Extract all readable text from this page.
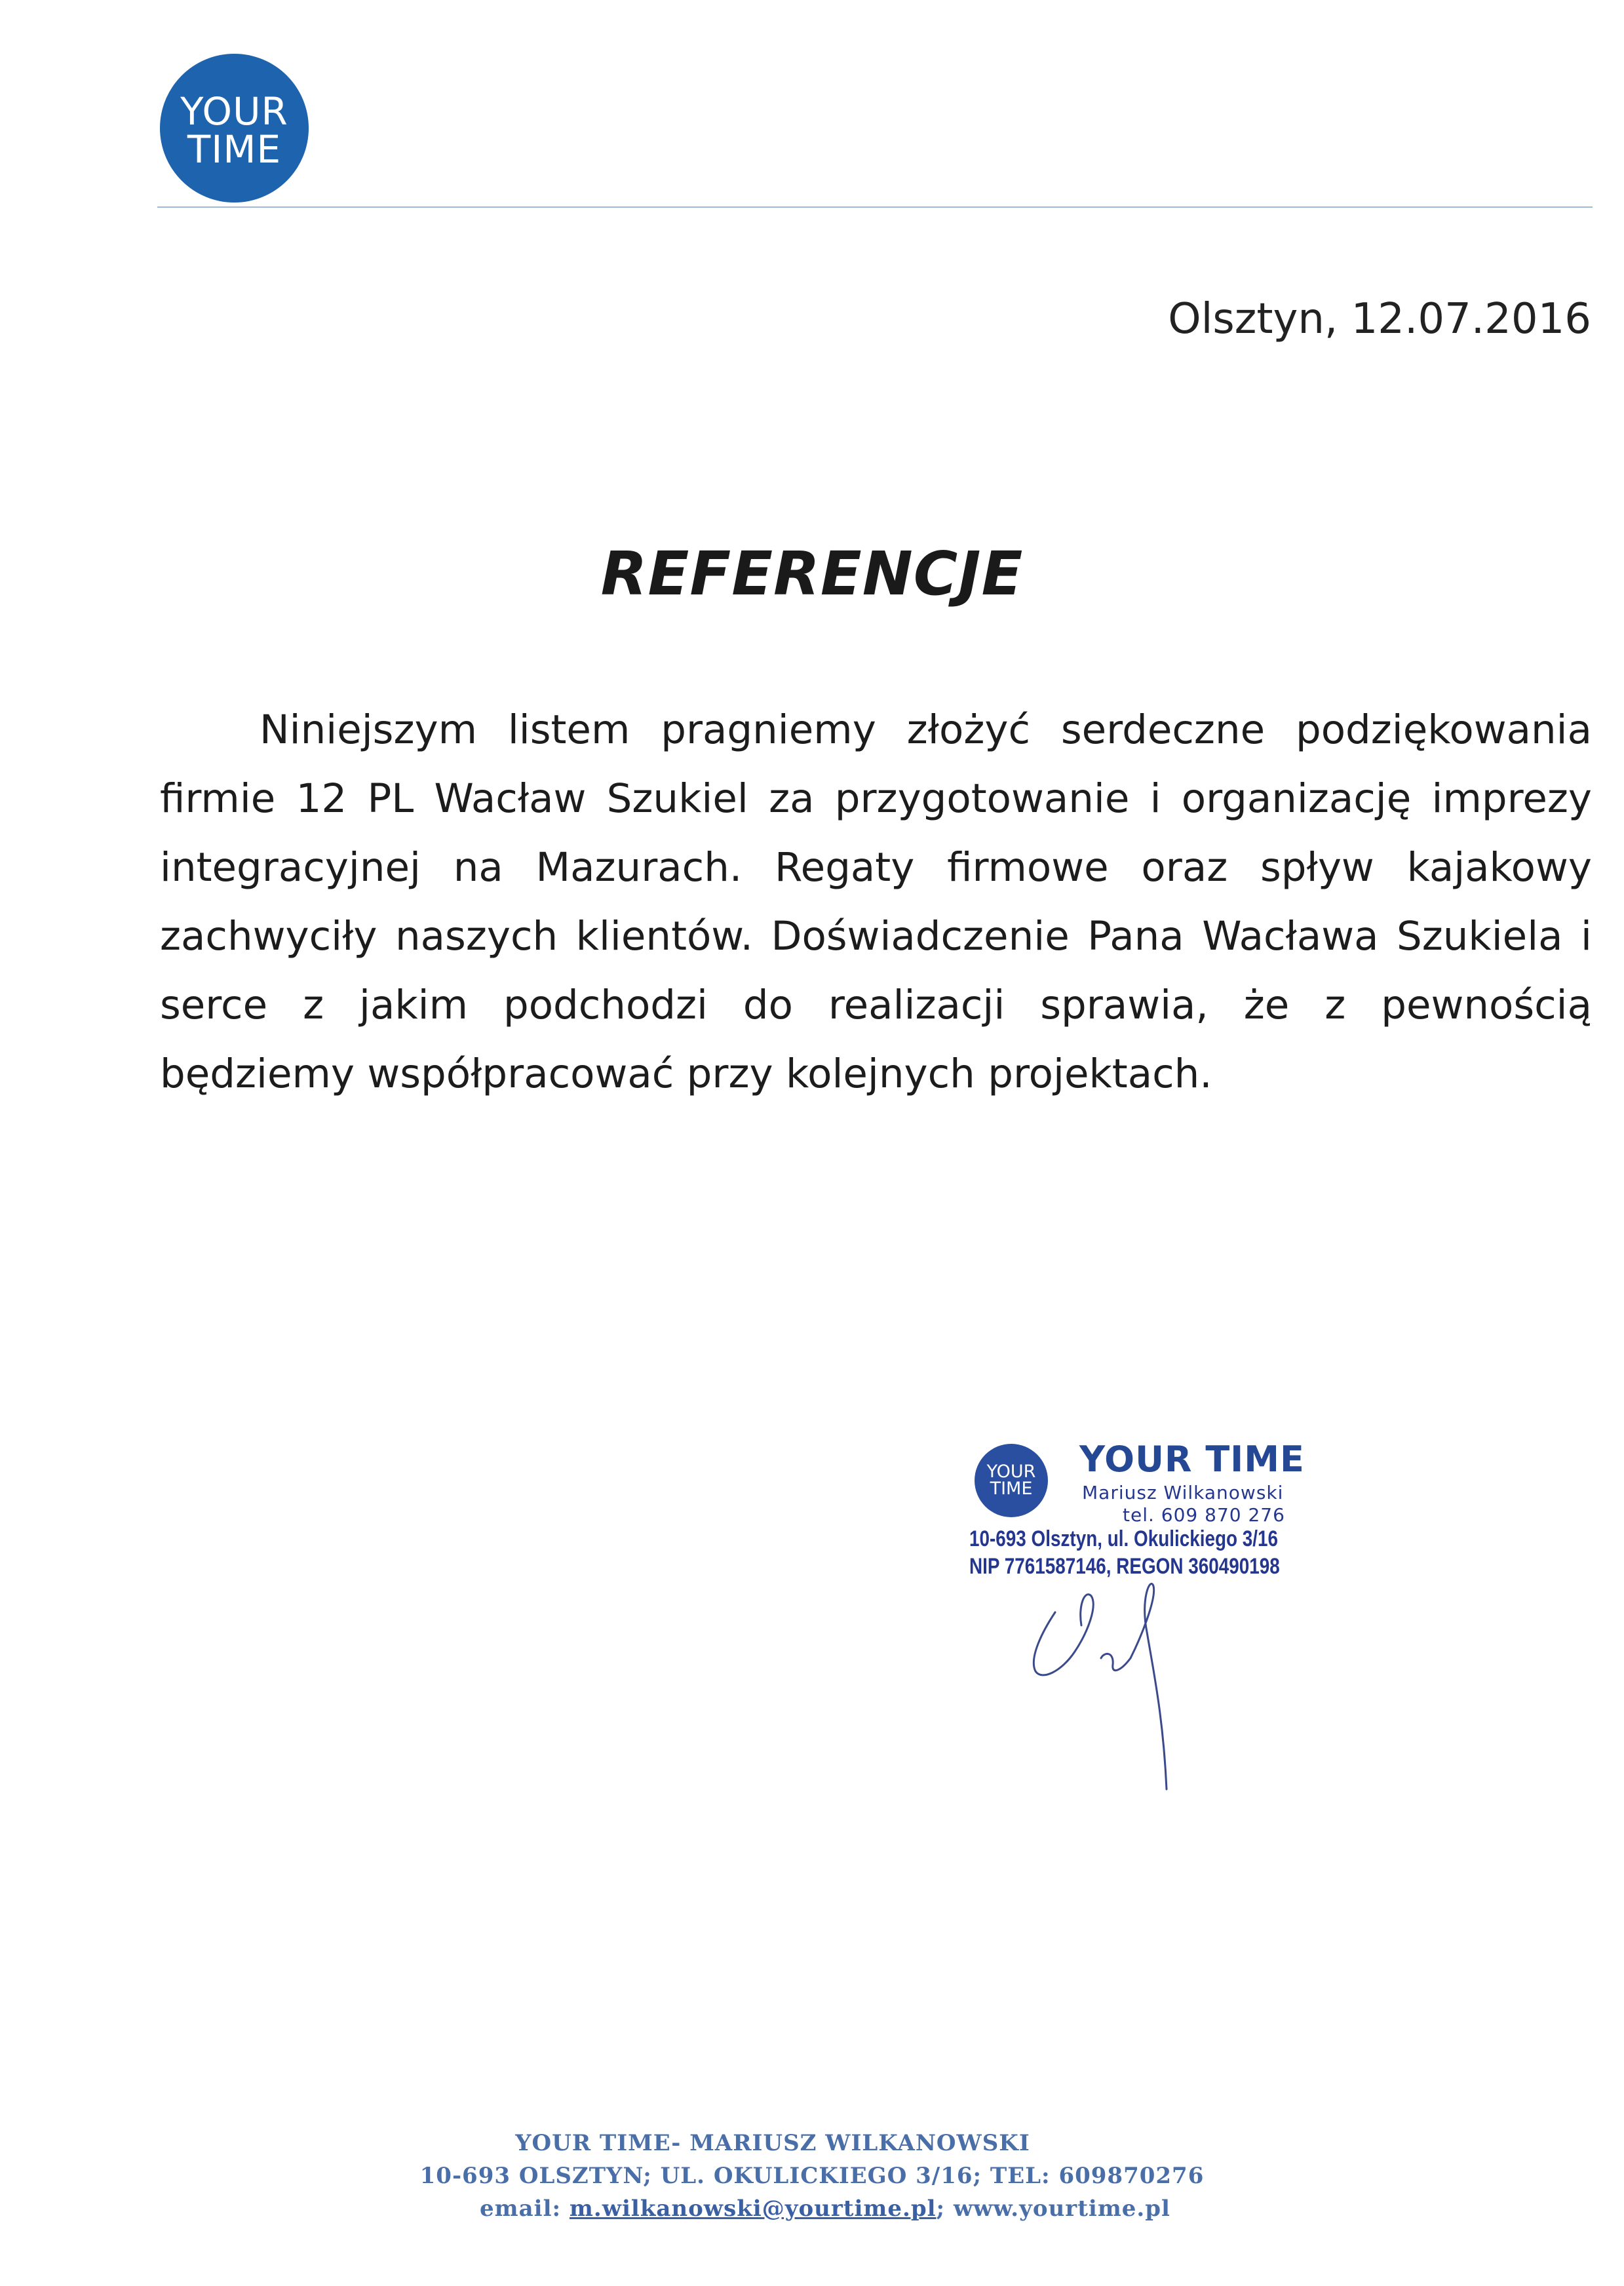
YOUR
TIME
Olsztyn, 12.07.2016
REFERENCJE

Niniejszym listem pragniemy złożyć serdeczne podziękowania firmie 12 PL Wacław Szukiel za przygotowanie i organizację imprezy integracyjnej na Mazurach. Regaty firmowe oraz spływ kajakowy zachwyciły naszych klientów. Doświadczenie Pana Wacława Szukiela i serce z jakim podchodzi do realizacji sprawia, że z pewnością będziemy współpracować przy kolejnych projektach.

YOUR
TIME
YOUR TIME
Mariusz Wilkanowski
tel. 609 870 276
10-693 Olsztyn, ul. Okulickiego 3/16
NIP 7761587146, REGON 360490198
YOUR TIME- MARIUSZ WILKANOWSKI
10-693 OLSZTYN; UL. OKULICKIEGO 3/16; TEL: 609870276
email: m.wilkanowski@yourtime.pl; www.yourtime.pl
